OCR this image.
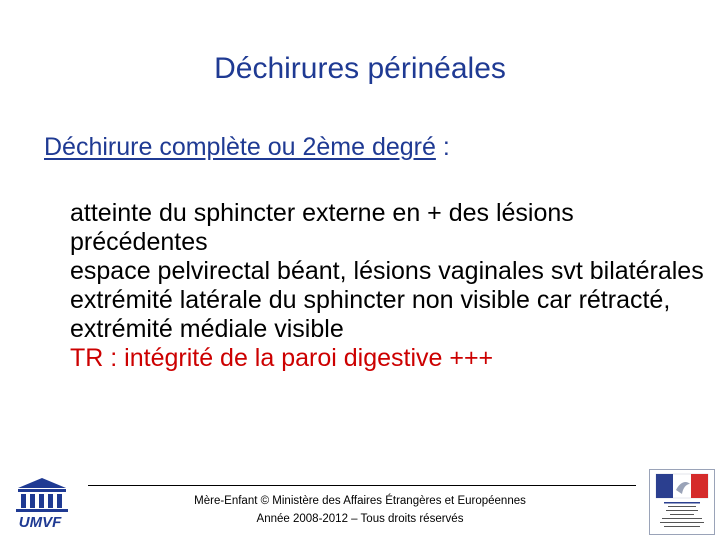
Déchirures périnéales
Déchirure complète ou 2ème degré :
atteinte du sphincter externe en + des lésions précédentes
espace pelvirectal béant, lésions vaginales svt bilatérales
extrémité latérale du sphincter non visible car rétracté, extrémité médiale visible
TR : intégrité de la paroi digestive +++
UMVF
Mère-Enfant © Ministère des Affaires Étrangères et Européennes
Année 2008-2012 – Tous droits réservés
